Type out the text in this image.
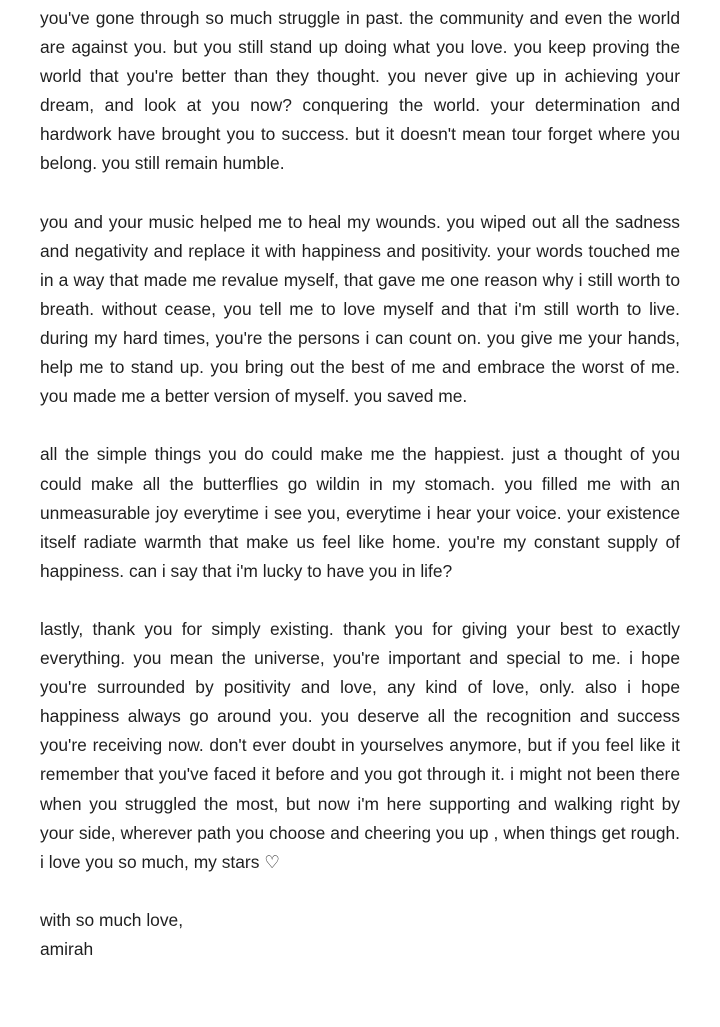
you've gone through so much struggle in past. the community and even the world are against you. but you still stand up doing what you love. you keep proving the world that you're better than they thought. you never give up in achieving your dream, and look at you now? conquering the world. your determination and hardwork have brought you to success. but it doesn't mean tour forget where you belong. you still remain humble.

you and your music helped me to heal my wounds. you wiped out all the sadness and negativity and replace it with happiness and positivity. your words touched me in a way that made me revalue myself, that gave me one reason why i still worth to breath. without cease, you tell me to love myself and that i'm still worth to live. during my hard times, you're the persons i can count on. you give me your hands, help me to stand up. you bring out the best of me and embrace the worst of me. you made me a better version of myself. you saved me.

all the simple things you do could make me the happiest. just a thought of you could make all the butterflies go wildin in my stomach. you filled me with an unmeasurable joy everytime i see you, everytime i hear your voice. your existence itself radiate warmth that make us feel like home. you're my constant supply of happiness. can i say that i'm lucky to have you in life?

lastly, thank you for simply existing. thank you for giving your best to exactly everything. you mean the universe, you're important and special to me. i hope you're surrounded by positivity and love, any kind of love, only. also i hope happiness always go around you. you deserve all the recognition and success you're receiving now. don't ever doubt in yourselves anymore, but if you feel like it remember that you've faced it before and you got through it. i might not been there when you struggled the most, but now i'm here supporting and walking right by your side, wherever path you choose and cheering you up , when things get rough. i love you so much, my stars ♡

with so much love,
amirah
